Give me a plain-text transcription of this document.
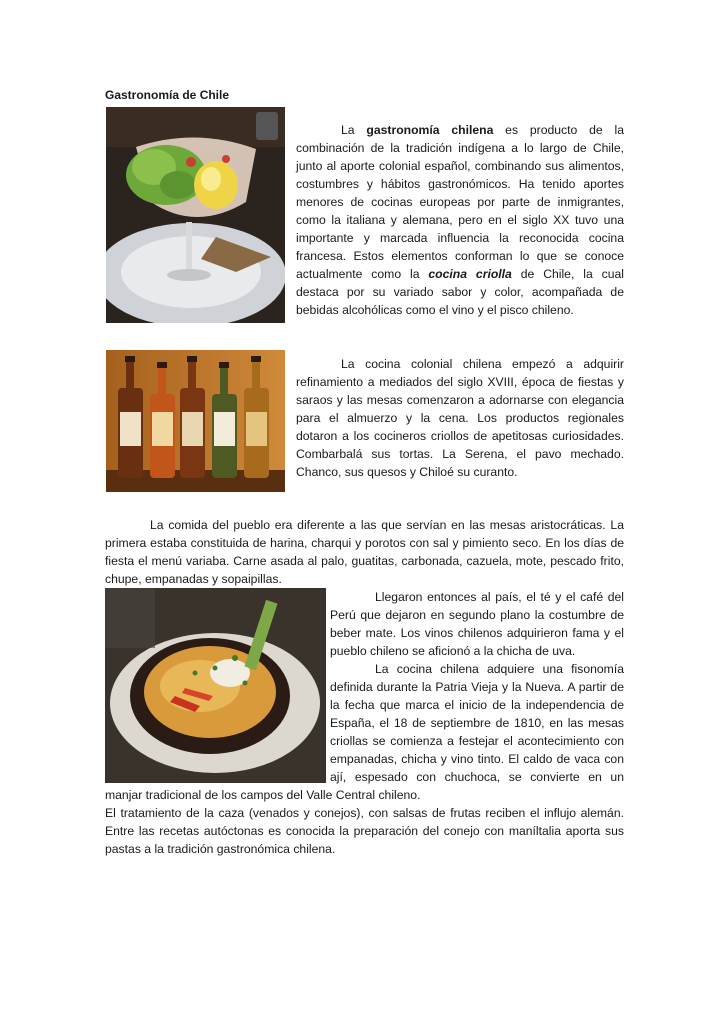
Gastronomía de Chile

La gastronomía chilena es producto de la combinación de la tradición indígena a lo largo de Chile, junto al aporte colonial español, combinando sus alimentos, costumbres y hábitos gastronómicos. Ha tenido aportes menores de cocinas europeas por parte de inmigrantes, como la italiana y alemana, pero en el siglo XX tuvo una importante y marcada influencia la reconocida cocina francesa. Estos elementos conforman lo que se conoce actualmente como la cocina criolla de Chile, la cual destaca por su variado sabor y color, acompañada de bebidas alcohólicas como el vino y el pisco chileno.

La cocina colonial chilena empezó a adquirir refinamiento a mediados del siglo XVIII, época de fiestas y saraos y las mesas comenzaron a adornarse con elegancia para el almuerzo y la cena. Los productos regionales dotaron a los cocineros criollos de apetitosas curiosidades. Combarbalá sus tortas. La Serena, el pavo mechado. Chanco, sus quesos y Chiloé su curanto.

La comida del pueblo era diferente a las que servían en las mesas aristocráticas. La primera estaba constituida de harina, charqui y porotos con sal y pimiento seco. En los días de fiesta el menú variaba. Carne asada al palo, guatitas, carbonada, cazuela, mote, pescado frito, chupe, empanadas y sopaipillas.

Llegaron entonces al país, el té y el café del Perú que dejaron en segundo plano la costumbre de beber mate. Los vinos chilenos adquirieron fama y el pueblo chileno se aficionó a la chicha de uva.

La cocina chilena adquiere una fisonomía definida durante la Patria Vieja y la Nueva. A partir de la fecha que marca el inicio de la independencia de España, el 18 de septiembre de 1810, en las mesas criollas se comienza a festejar el acontecimiento con empanadas, chicha y vino tinto. El caldo de vaca con ají, espesado con chuchoca, se convierte en un manjar tradicional de los campos del Valle Central chileno.

El tratamiento de la caza (venados y conejos), con salsas de frutas reciben el influjo alemán. Entre las recetas autóctonas es conocida la preparación del conejo con maníltalia aporta sus pastas a la tradición gastronómica chilena.
